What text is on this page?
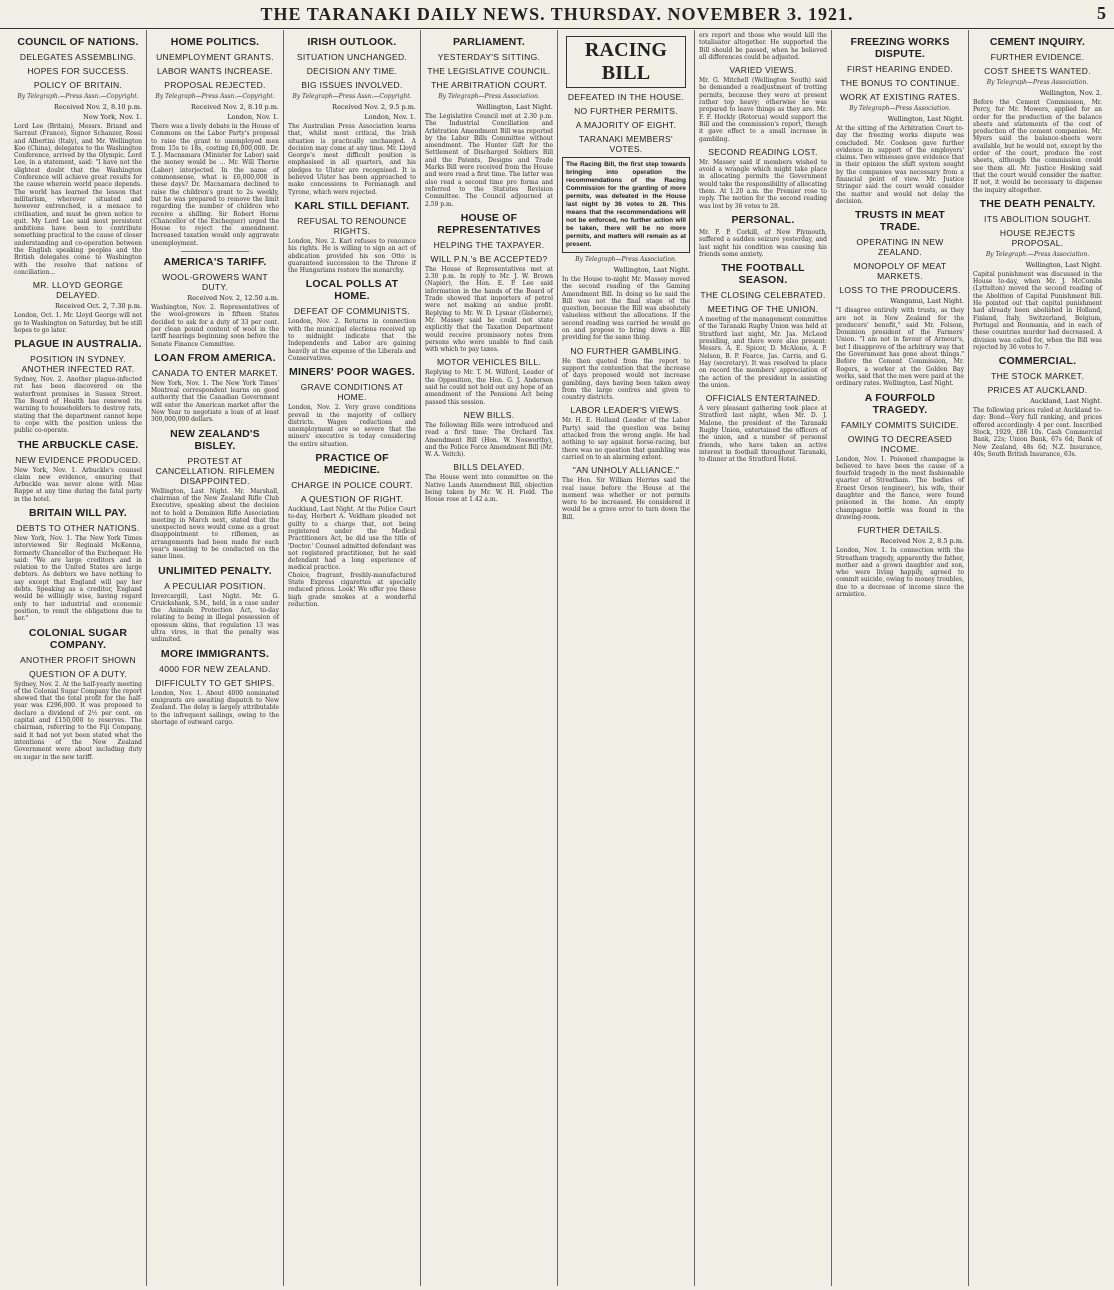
THE TARANAKI DAILY NEWS. THURSDAY. NOVEMBER 3. 1921.	5
COUNCIL OF NATIONS.
DELEGATES ASSEMBLING.
HOPES FOR SUCCESS.
POLICY OF BRITAIN.
By Telegraph.—Press Assn.—Copyright.
Received Nov. 2, 8.10 p.m.
New York, Nov. 1.
Lord Lee (Britain), Messrs. Briand and Sarraut (France), Signor Schanzer, Rossi and Albertini (Italy), and Mr. Wellington Koo (China), delegates to the Washington Conference, arrived by the Olympic. Lord Lee, in a statement, said: "I have not the slightest doubt that the Washington Conference will achieve great results for the cause wherein world peace depends. The world has learned the lesson that militarism, wherever situated and however entrenched, is a menace to civilisation, and must be given notice to quit. My Lord Lee said most persistent ambitions have been to contribute something practical to the cause of closer understanding and co-operation between the English speaking peoples and the British delegates come to Washington with the resolve that nations of conciliation...
MR. LLOYD GEORGE DELAYED.
Received Oct. 2, 7.30 p.m.
London, Oct. 1. Mr. Lloyd George will not go to Washington on Saturday, but he still hopes to go later.
PLAGUE IN AUSTRALIA.
POSITION IN SYDNEY. ANOTHER INFECTED RAT.
Sydney, Nov. 2. Another plague-infected rat has been discovered on the waterfront premises in Sussex Street. The Board of Health has renewed its warning to householders to destroy rats, stating that the department cannot hope to cope with the position unless the public co-operate.
THE ARBUCKLE CASE.
NEW EVIDENCE PRODUCED.
New York, Nov. 1. Arbuckle's counsel claim new evidence, ensuring that Arbuckle was never alone with Miss Rappe at any time during the fatal party in the hotel.
BRITAIN WILL PAY.
DEBTS TO OTHER NATIONS.
New York, Nov. 1. The New York Times interviewed Sir Reginald McKenna, formerly Chancellor of the Exchequer. He said: "We are large creditors and in relation to the United States are large debtors. As debtors we have nothing to say except that England will pay her debts. Speaking as a creditor, England would be willingly wise, having regard only to her industrial and economic position, to remit the obligations due to her."
COLONIAL SUGAR COMPANY.
ANOTHER PROFIT SHOWN
QUESTION OF A DUTY.
Sydney, Nov. 2. At the half-yearly meeting of the Colonial Sugar Company the report showed that the total profit for the half-year was £296,000. It was proposed to declare a dividend of 2½ per cent. on capital and £150,000 to reserves. The chairman, referring to the Fiji Company, said it had not yet been stated what the intentions of the New Zealand Government were about including duty on sugar in the new tariff.
HOME POLITICS.
UNEMPLOYMENT GRANTS.
LABOR WANTS INCREASE.
PROPOSAL REJECTED.
By Telegraph—Press Assn.—Copyright.
Received Nov. 2, 8.10 p.m.
London, Nov. 1.
There was a lively debate in the House of Commons on the Labor Party's proposal to raise the grant to unemployed men from 15s to 18s, costing £6,000,000. Dr. T. J. Macnamara (Minister for Labor) said the money would be ... Mr. Will Thorne (Labor) interjected. In the name of commonsense, what is £6,000,000 in these days? Dr. Macnamara declined to raise the children's grant to 2s weekly, but he was prepared to remove the limit regarding the number of children who receive a shilling. Sir Robert Horne (Chancellor of the Exchequer) urged the House to reject the amendment. Increased taxation would only aggravate unemployment.
AMERICA'S TARIFF.
WOOL-GROWERS WANT DUTY.
Received Nov. 2, 12.50 a.m.
Washington, Nov. 2. Representatives of the wool-growers in fifteen States decided to ask for a duty of 33 per cent. per clean pound content of wool in the tariff hearings beginning soon before the Senate Finance Committee.
LOAN FROM AMERICA.
CANADA TO ENTER MARKET.
New York, Nov. 1. The New York Times' Montreal correspondent learns on good authority that the Canadian Government will enter the American market after the New Year to negotiate a loan of at least 300,000,000 dollars.
NEW ZEALAND'S BISLEY.
PROTEST AT CANCELLATION. RIFLEMEN DISAPPOINTED.
Wellington, Last Night. Mr. Marshall, chairman of the New Zealand Rifle Club Executive, speaking about the decision not to hold a Dominion Rifle Association meeting in March next, stated that the unexpected news would come as a great disappointment to riflemen, as arrangements had been made for each year's meeting to be conducted on the same lines.
UNLIMITED PENALTY.
A PECULIAR POSITION.
Invercargill, Last Night. Mr. G. Cruickshank, S.M., held, in a case under the Animals Protection Act, to-day relating to being in illegal possession of opossum skins, that regulation 13 was ultra vires, in that the penalty was unlimited.
MORE IMMIGRANTS.
4000 FOR NEW ZEALAND.
DIFFICULTY TO GET SHIPS.
London, Nov. 1. About 4000 nominated emigrants are awaiting dispatch to New Zealand. The delay is largely attributable to the infrequent sailings, owing to the shortage of outward cargo.
IRISH OUTLOOK.
SITUATION UNCHANGED.
DECISION ANY TIME.
BIG ISSUES INVOLVED.
By Telegraph—Press Assn.—Copyright.
Received Nov. 2, 9.5 p.m.
London, Nov. 1.
The Australian Press Association learns that, whilst most critical, the Irish situation is practically unchanged. A decision may come at any time. Mr. Lloyd George's most difficult position is emphasised in all quarters, and his pledges to Ulster are recognised. It is believed Ulster has been approached to make concessions to Fermanagh and Tyrone, which were rejected.
KARL STILL DEFIANT.
REFUSAL TO RENOUNCE RIGHTS.
London, Nov. 2. Karl refuses to renounce his rights. He is willing to sign an act of abdication provided his son Otto is guaranteed succession to the Throne if the Hungarians restore the monarchy.
LOCAL POLLS AT HOME.
DEFEAT OF COMMUNISTS.
London, Nov. 2. Returns in connection with the municipal elections received up to midnight indicate that the Independents and Labor are gaining heavily at the expense of the Liberals and Conservatives.
MINERS' POOR WAGES.
GRAVE CONDITIONS AT HOME.
London, Nov. 2. Very grave conditions prevail in the majority of colliery districts. Wages reductions and unemployment are so severe that the miners' executive is today considering the entire situation.
PRACTICE OF MEDICINE.
CHARGE IN POLICE COURT.
A QUESTION OF RIGHT.
Auckland, Last Night. At the Police Court to-day, Herbert A. Veldham pleaded not guilty to a charge that, not being registered under the Medical Practitioners Act, he did use the title of 'Doctor.' Counsel admitted defendant was not registered practitioner, but he said defendant had a long experience of medical practice.
Choice, fragrant, freshly-manufactured State Express cigarettes at specially reduced prices. Look! We offer you these high grade smokes at a wonderful reduction.
PARLIAMENT.
YESTERDAY'S SITTING.
THE LEGISLATIVE COUNCIL.
THE ARBITRATION COURT.
By Telegraph—Press Association.
Wellington, Last Night.
The Legislative Council met at 2.30 p.m. The Industrial Conciliation and Arbitration Amendment Bill was reported by the Labor Bills Committee without amendment. The Hunter Gift for the Settlement of Discharged Soldiers Bill and the Patents, Designs and Trade Marks Bill were received from the House and were read a first time. The latter was also read a second time pro forma and referred to the Statutes Revision Committee. The Council adjourned at 2.59 p.m.
HOUSE OF REPRESENTATIVES
HELPING THE TAXPAYER.
WILL P.N.'s BE ACCEPTED?
The House of Representatives met at 2.30 p.m. In reply to Mr. J. W. Brown (Napier), the Hon. E. P. Lee said information in the hands of the Board of Trade showed that importers of petrol were not making an undue profit. Replying to Mr. W. D. Lysnar (Gisborne), Mr. Massey said he could not state explicitly that the Taxation Department would receive promissory notes from persons who were unable to find cash with which to pay taxes.
MOTOR VEHICLES BILL.
Replying to Mr. T. M. Wilford, Leader of the Opposition, the Hon. G. J. Anderson said he could not hold out any hope of an amendment of the Pensions Act being passed this session.
NEW BILLS.
The following Bills were introduced and read a first time: The Orchard Tax Amendment Bill (Hon. W. Nosworthy), and the Police Force Amendment Bill (Mr. W. A. Veitch).
BILLS DELAYED.
The House went into committee on the Native Lands Amendment Bill, objection being taken by Mr. W. H. Field. The House rose at 1.42 a.m.
RACING BILL
DEFEATED IN THE HOUSE.
NO FURTHER PERMITS.
A MAJORITY OF EIGHT.
TARANAKI MEMBERS' VOTES.
The Racing Bill, the first step towards bringing into operation the recommendations of the Racing Commission for the granting of more permits, was defeated in the House last night by 36 votes to 28. This means that the recommendations will not be enforced, no further action will be taken, there will be no more permits, and matters will remain as at present.
By Telegraph—Press Association.
Wellington, Last Night.
In the House to-night Mr. Massey moved the second reading of the Gaming Amendment Bill. In doing so he said the Bill was not the final stage of the question, because the Bill was absolutely valueless without the allocations. If the second reading was carried he would go on and propose to bring down a Bill providing for the same thing.
NO FURTHER GAMBLING.
He then quoted from the report to support the contention that the increase of days proposed would not increase gambling, days having been taken away from the large centres and given to country districts.
LABOR LEADER'S VIEWS.
Mr. H. E. Holland (Leader of the Labor Party) said the question was being attacked from the wrong angle. He had nothing to say against horse-racing, but there was no question that gambling was carried on to an alarming extent.
"AN UNHOLY ALLIANCE."
The Hon. Sir William Herries said the real issue before the House at the moment was whether or not permits were to be increased. He considered it would be a grave error to turn down the Bill.
ers report and those who would kill the totalisator altogether. He supported the Bill should be passed, when he believed all differences could be adjusted.
VARIED VIEWS.
Mr. G. Mitchell (Wellington South) said he demanded a readjustment of trotting permits, because they were at present rather top heavy; otherwise he was prepared to leave things as they are. Mr. F. F. Hockly (Rotorua) would support the Bill and the commission's report, though it gave effect to a small increase in gambling.
SECOND READING LOST.
Mr. Massey said if members wished to avoid a wrangle which might take place in allocating permits the Government would take the responsibility of allocating them. At 1.20 a.m. the Premier rose to reply. The motion for the second reading was lost by 36 votes to 28.
PERSONAL.
Mr. F. P. Corkill, of New Plymouth, suffered a sudden seizure yesterday, and last night his condition was causing his friends some anxiety.
THE FOOTBALL SEASON.
THE CLOSING CELEBRATED.
MEETING OF THE UNION.
A meeting of the management committee of the Taranaki Rugby Union was held at Stratford last night, Mr. Jas. McLeod presiding, and there were also present: Messrs. A. E. Spicer, D. McAlone, A. P. Nelson, B. P. Fearce, Jas. Carris, and G. Hay (secretary). It was resolved to place on record the members' appreciation of the action of the president in assisting the union.
OFFICIALS ENTERTAINED.
A very pleasant gathering took place at Stratford last night, when Mr. D. J. Malone, the president of the Taranaki Rugby Union, entertained the officers of the union, and a number of personal friends, who have taken an active interest in football throughout Taranaki, to dinner at the Stratford Hotel.
FREEZING WORKS DISPUTE.
FIRST HEARING ENDED.
THE BONUS TO CONTINUE.
WORK AT EXISTING RATES.
By Telegraph—Press Association.
Wellington, Last Night.
At the sitting of the Arbitration Court to-day the freezing works dispute was concluded. Mr. Cookson gave further evidence in support of the employers' claims. Two witnesses gave evidence that in their opinion the shift system sought by the companies was necessary from a financial point of view. Mr. Justice Stringer said the court would consider the matter and would not delay the decision.
TRUSTS IN MEAT TRADE.
OPERATING IN NEW ZEALAND.
MONOPOLY OF MEAT MARKETS.
LOSS TO THE PRODUCERS.
Wanganui, Last Night.
"I disagree entirely with trusts, as they are not in New Zealand for the producers' benefit," said Mr. Folsom, Dominion president of the Farmers' Union. "I am not in favour of Armour's, but I disapprove of the arbitrary way that the Government has gone about things." Before the Cement Commission, Mr. Rogers, a worker at the Golden Bay works, said that the men were paid at the ordinary rates. Wellington, Last Night.
A FOURFOLD TRAGEDY.
FAMILY COMMITS SUICIDE.
OWING TO DECREASED INCOME.
London, Nov. 1. Poisoned champagne is believed to have been the cause of a fourfold tragedy in the most fashionable quarter of Streatham. The bodies of Ernest Orson (engineer), his wife, their daughter and the fiance, were found poisoned in the home. An empty champagne bottle was found in the drawing-room.
FURTHER DETAILS.
Received Nov. 2, 8.5 p.m.
London, Nov. 1. In connection with the Streatham tragedy, apparently the father, mother and a grown daughter and son, who were living happily, agreed to commit suicide, owing to money troubles, due to a decrease of income since the armistice.
CEMENT INQUIRY.
FURTHER EVIDENCE.
COST SHEETS WANTED.
By Telegraph—Press Association.
Wellington, Nov. 2.
Before the Cement Commission, Mr. Percy, for Mr. Mowers, applied for an order for the production of the balance sheets and statements of the cost of production of the cement companies. Mr. Myers said the balance-sheets were available, but he would not, except by the order of the court, produce the cost sheets, although the commission could see them all. Mr. Justice Hosking said that the court would consider the matter. If not, it would be necessary to dispense the inquiry altogether.
THE DEATH PENALTY.
ITS ABOLITION SOUGHT.
HOUSE REJECTS PROPOSAL.
By Telegraph.—Press Association.
Wellington, Last Night.
Capital punishment was discussed in the House to-day, when Mr. J. McCombs (Lyttelton) moved the second reading of the Abolition of Capital Punishment Bill. He pointed out that capital punishment had already been abolished in Holland, Finland, Italy, Switzerland, Belgium, Portugal and Roumania, and in each of these countries murder had decreased. A division was called for, when the Bill was rejected by 36 votes to 7.
COMMERCIAL.
THE STOCK MARKET.
PRICES AT AUCKLAND.
Auckland, Last Night.
The following prices ruled at Auckland to-day: Bond—Very full ranking, and prices offered accordingly: 4 per cent. Inscribed Stock, 1929, £86 10s. Cash Commercial Bank, 22s; Union Bank, 67s 6d; Bank of New Zealand, 48s 6d; N.Z. Insurance, 40s; South British Insurance, 63s.
